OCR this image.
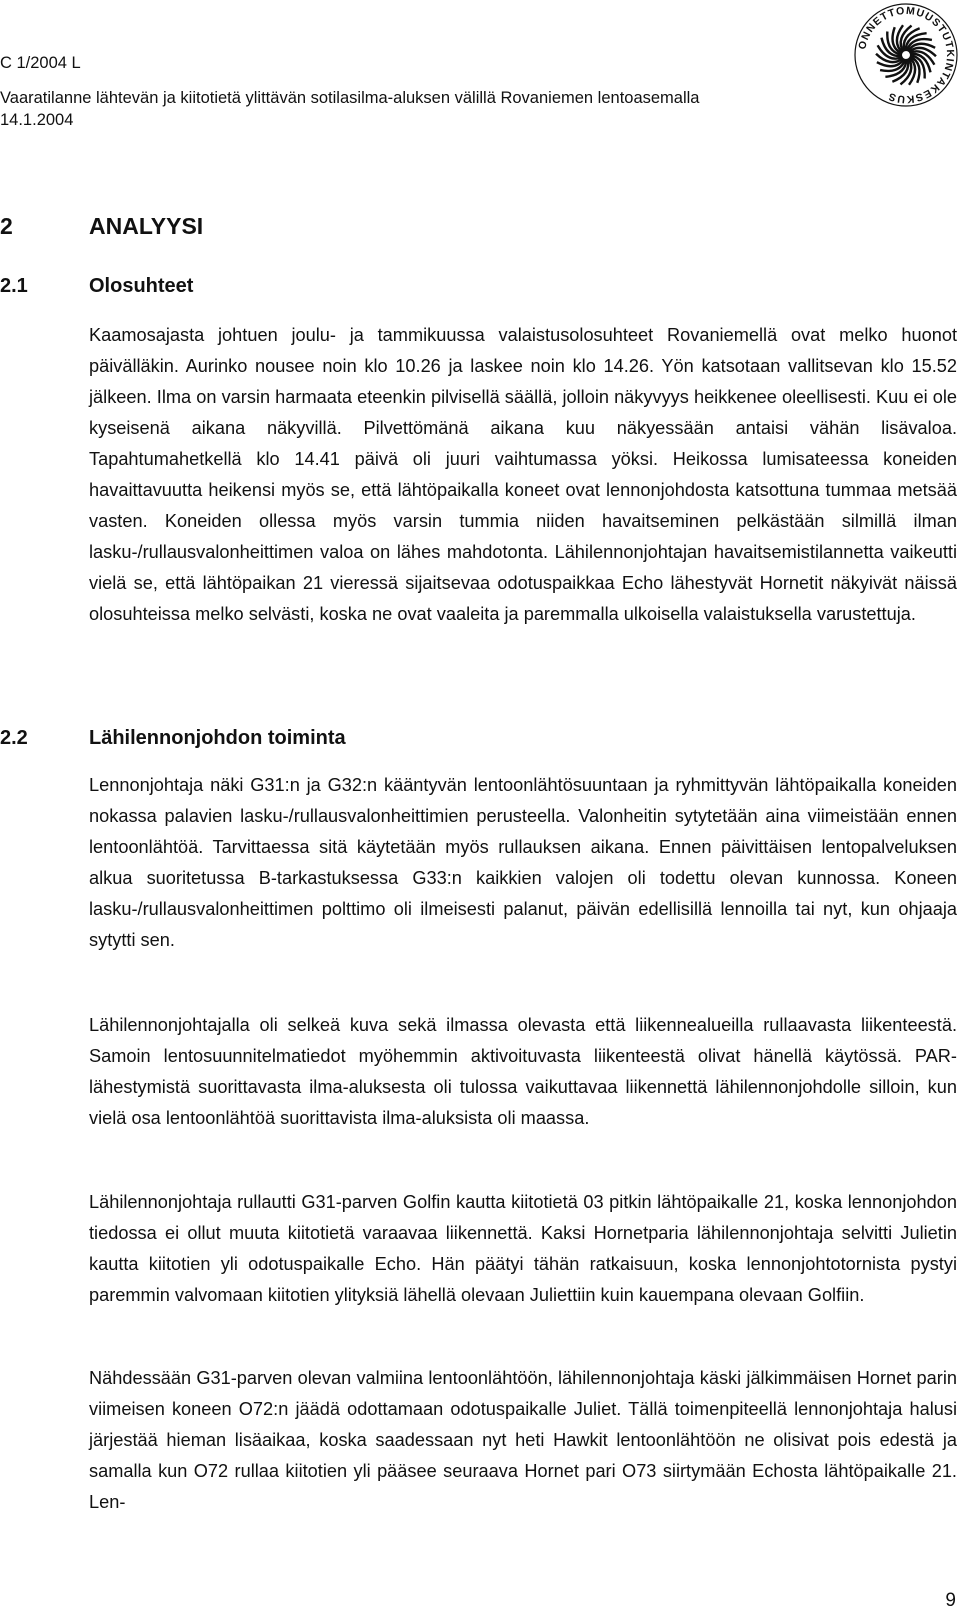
C 1/2004 L
Vaaratilanne lähtevän ja kiitotietä ylittävän sotilasilma-aluksen välillä Rovaniemen lentoasemalla
14.1.2004
ONNETTOMUUSTUTKINTAKESKUS
2	ANALYYSI
2.1	Olosuhteet

Kaamosajasta johtuen joulu- ja tammikuussa valaistusolosuhteet Rovaniemellä ovat melko huonot päivälläkin. Aurinko nousee noin klo 10.26 ja laskee noin klo 14.26. Yön katsotaan vallitsevan klo 15.52 jälkeen. Ilma on varsin harmaata eteenkin pilvisellä säällä, jolloin näkyvyys heikkenee oleellisesti. Kuu ei ole kyseisenä aikana näkyvillä. Pilvettömänä aikana kuu näkyessään antaisi vähän lisävaloa. Tapahtumahetkellä klo 14.41 päivä oli juuri vaihtumassa yöksi. Heikossa lumisateessa koneiden havaittavuutta heikensi myös se, että lähtöpaikalla koneet ovat lennonjohdosta katsottuna tummaa metsää vasten. Koneiden ollessa myös varsin tummia niiden havaitseminen pelkästään silmillä ilman lasku-/rullausvalonheittimen valoa on lähes mahdotonta. Lähilennonjohtajan havaitsemistilannetta vaikeutti vielä se, että lähtöpaikan 21 vieressä sijaitsevaa odotuspaikkaa Echo lähestyvät Hornetit näkyivät näissä olosuhteissa melko selvästi, koska ne ovat vaaleita ja paremmalla ulkoisella valaistuksella varustettuja.

2.2	Lähilennonjohdon toiminta

Lennonjohtaja näki G31:n ja G32:n kääntyvän lentoonlähtösuuntaan ja ryhmittyvän lähtöpaikalla koneiden nokassa palavien lasku-/rullausvalonheittimien perusteella. Valonheitin sytytetään aina viimeistään ennen lentoonlähtöä. Tarvittaessa sitä käytetään myös rullauksen aikana. Ennen päivittäisen lentopalveluksen alkua suoritetussa B-tarkastuksessa G33:n kaikkien valojen oli todettu olevan kunnossa. Koneen lasku-/rullausvalonheittimen polttimo oli ilmeisesti palanut, päivän edellisillä lennoilla tai nyt, kun ohjaaja sytytti sen.

Lähilennonjohtajalla oli selkeä kuva sekä ilmassa olevasta että liikennealueilla rullaavasta liikenteestä. Samoin lentosuunnitelmatiedot myöhemmin aktivoituvasta liikenteestä olivat hänellä käytössä. PAR-lähestymistä suorittavasta ilma-aluksesta oli tulossa vaikuttavaa liikennettä lähilennonjohdolle silloin, kun vielä osa lentoonlähtöä suorittavista ilma-aluksista oli maassa.

Lähilennonjohtaja rullautti G31-parven Golfin kautta kiitotietä 03 pitkin lähtöpaikalle 21, koska lennonjohdon tiedossa ei ollut muuta kiitotietä varaavaa liikennettä. Kaksi Hornetparia lähilennonjohtaja selvitti Julietin kautta kiitotien yli odotuspaikalle Echo. Hän päätyi tähän ratkaisuun, koska lennonjohtotornista pystyi paremmin valvomaan kiitotien ylityksiä lähellä olevaan Juliettiin kuin kauempana olevaan Golfiin.

Nähdessään G31-parven olevan valmiina lentoonlähtöön, lähilennonjohtaja käski jälkimmäisen Hornet parin viimeisen koneen O72:n jäädä odottamaan odotuspaikalle Juliet. Tällä toimenpiteellä lennonjohtaja halusi järjestää hieman lisäaikaa, koska saadessaan nyt heti Hawkit lentoonlähtöön ne olisivat pois edestä ja samalla kun O72 rullaa kiitotien yli pääsee seuraava Hornet pari O73 siirtymään Echosta lähtöpaikalle 21. Len-

9
